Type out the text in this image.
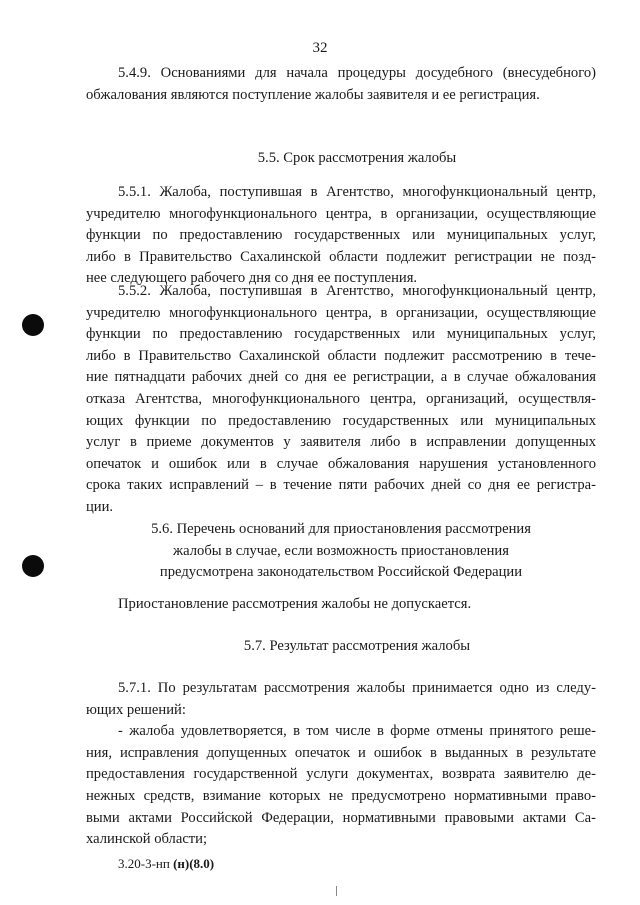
32
5.4.9. Основаниями для начала процедуры досудебного (внесудебного)
обжалования являются поступление жалобы заявителя и ее регистрация.
5.5. Срок рассмотрения жалобы
5.5.1. Жалоба, поступившая в Агентство, многофункциональный центр,
учредителю многофункционального центра, в организации, осуществляющие
функции по предоставлению государственных или муниципальных услуг,
либо в Правительство Сахалинской области подлежит регистрации не позд-
нее следующего рабочего дня со дня ее поступления.
5.5.2. Жалоба, поступившая в Агентство, многофункциональный центр,
учредителю многофункционального центра, в организации, осуществляющие
функции по предоставлению государственных или муниципальных услуг,
либо в Правительство Сахалинской области подлежит рассмотрению в тече-
ние пятнадцати рабочих дней со дня ее регистрации, а в случае обжалования
отказа Агентства, многофункционального центра, организаций, осуществля-
ющих функции по предоставлению государственных или муниципальных
услуг в приеме документов у заявителя либо в исправлении допущенных
опечаток и ошибок или в случае обжалования нарушения установленного
срока таких исправлений – в течение пяти рабочих дней со дня ее регистра-
ции.
5.6. Перечень оснований для приостановления рассмотрения
жалобы в случае, если возможность приостановления
предусмотрена законодательством Российской Федерации
Приостановление рассмотрения жалобы не допускается.
5.7. Результат рассмотрения жалобы
5.7.1. По результатам рассмотрения жалобы принимается одно из следу-
ющих решений:
- жалоба удовлетворяется, в том числе в форме отмены принятого реше-
ния, исправления допущенных опечаток и ошибок в выданных в результате
предоставления государственной услуги документах, возврата заявителю де-
нежных средств, взимание которых не предусмотрено нормативными право-
выми актами Российской Федерации, нормативными правовыми актами Са-
халинской области;
3.20-3-нп (н)(8.0)
